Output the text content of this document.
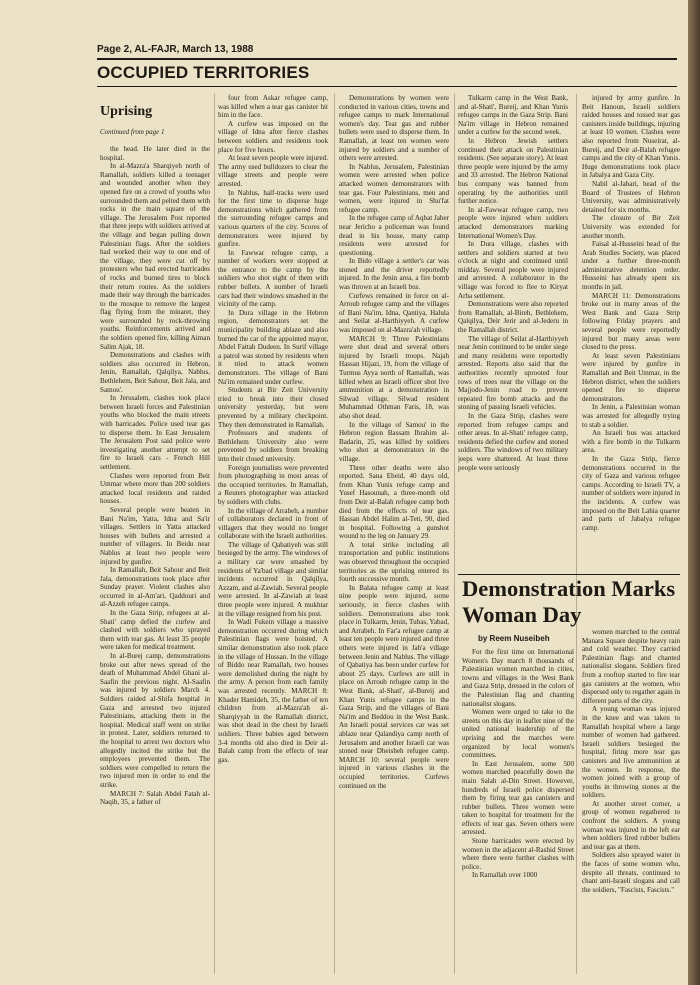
Page 2, AL-FAJR, March 13, 1988
OCCUPIED TERRITORIES
Uprising
Continued from page 1

the head. He later died in the hospital.

In al-Mazra'a Sharqiyeh north of Ramallah, soldiers killed a teenager and wounded another when they opened fire on a crowd of youths who surrounded them and pelted them with rocks in the main square of the village. The Jerusalem Post reported that three jeeps with soldiers arrived at the village and began pulling down Palestinian flags. After the soldiers had worked their way to one end of the village, they were cut off by protesters who had erected barricades of rocks and burned tires to block their return routes. As the soldiers made their way through the barricades to the mosque to remove the largest flag flying from the minaret, they were surrounded by rock-throwing youths. Reinforcements arrived and the soldiers opened fire, killing Aiman Salim Ajak, 18.

Demonstrations and clashes with soldiers also occurred in Hebron, Jenin, Ramallah, Qalqilya, Nablus, Bethlehem, Beit Sahour, Beit Jala, and Samou'.

In Jerusalem, clashes took place between Israeli forces and Palestinian youths who blocked the main streets with barricades. Police used tear gas to disperse them. In East Jerusalem The Jerusalem Post said police were investigating another attempt to set fire to Israeli cars - French Hill settlement.

Clashes were reported from Beit Ummar where more than 200 soldiers attacked local residents and raided houses.

Several people were beaten in Bani Na'im, Yatta, Idna and Sa'ir villages. Settlers in Yatta attacked houses with bullets and arrested a number of villagers. In Beidu near Nablus at least two people were injured by gunfire.

In Ramallah, Beit Sahour and Beit Jala, demonstrations took place after Sunday prayer. Violent clashes also occurred in al-Am'ari, Qaddouri and al-Azzeh refugee camps.

In the Gaza Strip, refugees at al-Shati' camp defied the curfew and clashed with soldiers who sprayed them with tear gas. At least 35 people were taken for medical treatment.

In al-Burej camp, demonstrations broke out after news spread of the death of Muhammad Abdel Ghani al-Saafin the previous night. Al-Saafin was injured by soldiers March 4. Soldiers raided al-Shifa hospital in Gaza and arrested two injured Palestinians, attacking them in the hospital. Medical staff went on strike in protest. Later, soldiers returned to the hospital to arrest two doctors who allegedly incited the strike but the employees prevented them. The soldiers were compelled to return the two injured men in order to end the strike.

MARCH 7: Salah Abdel Fatah al-Naqib, 35, a father of

four from Askar refugee camp, was killed when a tear gas canister hit him in the face.

A curfew was imposed on the village of Idna after fierce clashes between soldiers and residents took place for five hours.

At least seven people were injured. The army used bulldozers to clear the village streets and people were arrested.

In Nablus, half-tracks were used for the first time to disperse huge demonstrations which gathered from the surrounding refugee camps and various quarters of the city. Scores of demonstrators were injured by gunfire.

In Fawwar refugee camp, a number of workers were stopped at the entrance to the camp by the soldiers who shot eight of them with rubber bullets. A number of Israeli cars had their windows smashed in the vicinity of the camp.

In Dura village in the Hebron region, demonstrators set the municipality building ablaze and also burned the car of the appointed mayor, Abdel Fattah Dudeen. In Surif village a patrol was stoned by residents when it tried to attack women demonstrators. The village of Bani Na'im remained under curfew.

Students at Bir Zeit University tried to break into their closed university yesterday, but were prevented by a military checkpoint. They then demonstrated in Ramallah.

Professors and students of Bethlehem University also were prevented by soldiers from breaking into their closed university.

Foreign journalists were prevented from photographing in most areas of the occupied territories. In Ramallah, a Reuters photographer was attacked by soldiers with clubs.

In the village of Arrabeh, a number of collaborators declared in front of villagers that they would no longer collaborate with the Israeli authorities.

The village of Qabatiyeh was still besieged by the army. The windows of a military car were smashed by residents of Ya'bad village and similar incidents occurred in Qalqilya, Azzam, and al-Zawiah. Several people were arrested. In al-Zawiah at least three people were injured. A mukhtar in the village resigned from his post.

In Wadi Fukein village a massive demonstration occurred during which Palestinian flags were hoisted. A similar demonstration also took place in the village of Hussan. In the village of Biddo near Ramallah, two houses were demolished during the night by the army. A person from each family was arrested recently. MARCH 8: Khader Hamideh, 35, the father of ten children from al-Mazra'ah al-Sharqiyyah in the Ramallah district, was shot dead in the chest by Israeli soldiers. Three babies aged between 3-4 months old also died in Deir al-Balah camp from the effects of tear gas.

Demonstrations by women were conducted in various cities, towns and refugee camps to mark International women's day. Tear gas and rubber bullets were used to disperse them. In Ramallah, at least ten women were injured by soldiers and a number of others were arrested.

In Nablus, Jerusalem, Palestinian women were arrested when police attacked women demonstrators with tear gas. Four Palestinians, men and women, were injured in Shu'fat refugee camp.

In the refugee camp of Aqbat Jaber near Jericho a policeman was found dead in his house, many camp residents were arrested for questioning.

In Bido village a settler's car was stoned and the driver reportedly injured. In the Jenin area, a fire bomb was thrown at an Israeli bus.

Curfews remained in force on al-Arroub refugee camp and the villages of Bani Na'im, Idna, Qantiya, Halula and Seilat al-Harthiyyeh. A curfew was imposed on al-Mazra'ah village.

MARCH 9: Three Palestinians were shot dead and several others injured by Israeli troops. Najah Hassan Hijazi, 19, from the village of Turmus Ayya north of Ramallah, was killed when an Israeli officer shot live ammunition at a demonstration in Silwad village. Silwad resident Muhammad Othman Faris, 18, was also shot dead.

In the village of Samou' in the Hebron region Bassam Ibrahim al-Badarin, 25, was killed by soldiers who shot at demonstrators in the village.

Three other deaths were also reported. Sana Ebeid, 40 days old, from Khan Yunis refuge camp and Yusef Hasounah, a three-month old from Deir al-Balah refugee camp both died from the effects of tear gas. Hassan Abdel Halim al-Teti, 90, died in hospital. Following a gunshot wound to the leg on January 29.

A total strike including all transportation and public institutions was observed throughout the occupied territories as the uprising entered its fourth successive month.

In Balata refugee camp at least nine people were injured, some seriously, in fierce clashes with soldiers. Demonstrations also took place in Tulkarm, Jenin, Tubas, Yabad, and Arrabeh. In Far'a refugee camp at least ten people were injured and three others were injured in Jab'a village between Jenin and Nablus. The village of Qabatiya has been under curfew for about 25 days. Curfews are still in place on Arroub refugee camp in the West Bank, al-Shati', al-Bureij and Khan Yunis refugee camps in the Gaza Strip, and the villages of Bani Na'im and Beddou in the West Bank. An Israeli postal services car was set ablaze near Qalandiya camp north of Jerusalem and another Israeli car was stoned near Dheisheh refugee camp. MARCH 10: several people were injured in various clashes in the occupied territories. Curfews continued on the

Tulkarm camp in the West Bank, and al-Shati', Bureij, and Khan Yunis refugee camps in the Gaza Strip. Bani Na'im village in Hebron remained under a curfew for the second week.

In Hebron Jewish settlers continued their attack on Palestinian residents. (See separate story). At least three people were injured by the army and 33 arrested. The Hebron National bus company was banned from operating by the authorities until further notice.

In al-Fawwar refugee camp, two people were injured when soldiers attacked demonstrators marking International Women's Day.

In Dura village, clashes with settlers and soldiers started at two o'clock at night and continued until midday. Several people were injured and arrested. A collaborator in the village was forced to flee to Kiryat Arba settlement.

Demonstrations were also reported from Ramallah, al-Bireh, Bethlehem, Qalqilya, Deir Jerir and al-Jederu in the Ramallah district.

The village of Seilat al-Harthiyyeh near Jenin continued to be under siege and many residents were reportedly arrested. Reports also said that the authorities recently uprooted four rows of trees near the village on the Majjodo-Jenin road to prevent repeated fire bomb attacks and the stoning of passing Israeli vehicles.

In the Gaza Strip, clashes were reported from refugee camps and other areas. In al-Shati' refugee camp, residents defied the curfew and stoned soldiers. The windows of two military jeeps were shattered. At least three people were seriously

injured by army gunfire. In Beit Hanoun, Israeli soldiers raided houses and tossed tear gas canisters inside buildings, injuring at least 10 women. Clashes were also reported from Nuseirat, al-Bureij, and Deir al-Balah refugee camps and the city of Khan Yunis. Huge demonstrations took place in Jabalya and Gaza City.

Nabil al-Jabari, head of the Board of Trustees of Hebron University, was administratively detained for six months.

The closure of Bir Zeit University was extended for another month.

Faisal al-Husseini head of the Arab Studies Society, was placed under a further three-month administrative detention order. Husseini has already spent six months in jail.

MARCH 11: Demonstrations broke out in many areas of the West Bank and Gaza Strip following Friday prayers and several people were reportedly injured but many areas were closed to the press.

At least seven Palestinians were injured by gunfire in Ramallah and Beit Ummar, in the Hebron district, when the soldiers opened fire to disperse demonstrators.

In Jenin, a Palestinian woman was arrested for allegedly trying to stab a soldier.

An Israeli bus was attacked with a fire bomb in the Tulkarm area.

In the Gaza Strip, fierce demonstrations occurred in the city of Gaza and various refugee camps. According to Israeli TV, a number of soldiers were injured in the incidents. A curfew was imposed on the Beit Lahia quarter and parts of Jabalya refugee camp.

Demonstration Marks Woman Day
by Reem Nuseibeh

For the first time on International Women's Day march 8 thousands of Palestinian women marched in cities, towns and villages in the West Bank and Gaza Strip, dressed in the colors of the Palestinian flag and chanting nationalist slogans.

Women were urged to take to the streets on this day in leaflet nine of the united national leadership of the uprising and the marches were organized by local women's committees.

In East Jerusalem, some 500 women marched peacefully down the main Salah al-Din Street. However, hundreds of Israeli police dispersed them by firing tear gas canisters and rubber bullets. Three women were taken to hospital for treatment for the effects of tear gas. Seven others were arrested.

Stone barricades were erected by women in the adjacent al-Rashid Street where there were further clashes with police.

In Ramallah over 1000

women marched to the central Manara Square despite heavy rain and cold weather. They carried Palestinian flags and chanted nationalist slogans. Soldiers fired from a rooftop started to fire tear gas canisters at the women, who dispersed only to regather again in different parts of the city.

A young woman was injured in the knee and was taken to Ramallah hospital where a large number of women had gathered. Israeli soldiers besieged the hospital, firing more tear gas canisters and live ammunition at the women. In response, the women joined with a group of youths in throwing stones at the soldiers.

At another street corner, a group of women regathered to confront the soldiers. A young woman was injured in the left ear when soldiers fired rubber bullets and tear gas at them.

Soldiers also sprayed water in the faces of some women who, despite all threats, continued to chant anti-Israeli slogans and call the soldiers, "Fascists, Fascists."
